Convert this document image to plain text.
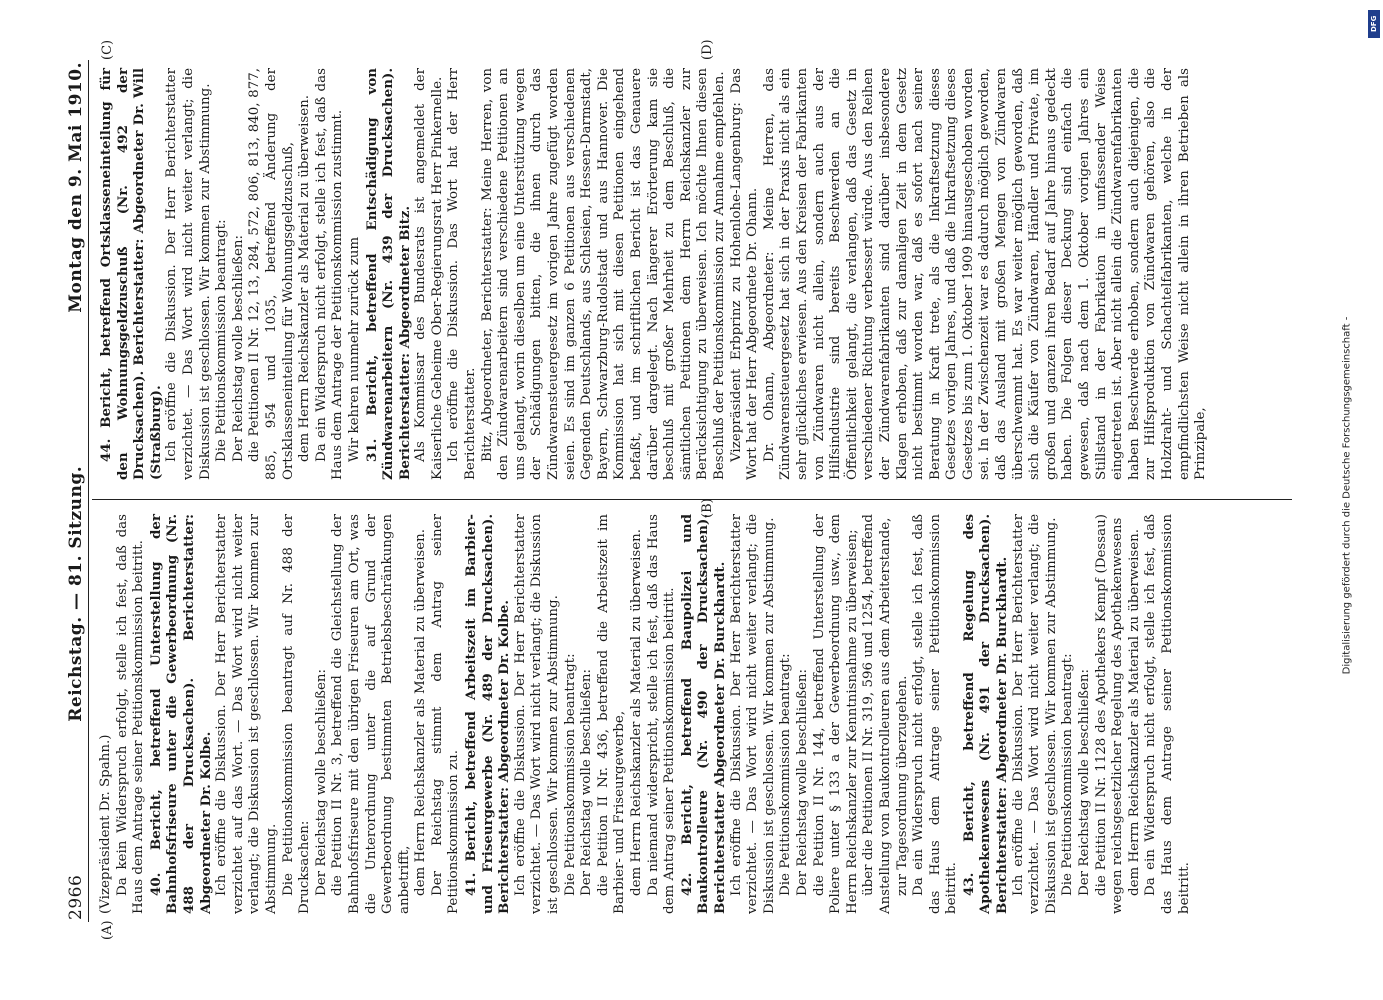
2966
Reichstag. — 81. Sitzung.
Montag den 9. Mai 1910.
(A)
(B)
(C)	(D)

(Vizepräsident Dr. Spahn.) Da kein Widerspruch erfolgt, stelle ich fest, daß das Haus dem Antrage seiner Petitionskommission beitritt. 40. Bericht, betreffend Unterstellung der Bahnhofsfriseure unter die Gewerbeordnung (Nr. 488 der Drucksachen). Berichterstatter: Abgeordneter Dr. Kolbe. Ich eröffne die Diskussion. Der Herr Berichterstatter verzichtet auf das Wort. — Das Wort wird nicht weiter verlangt; die Diskussion ist geschlossen. Wir kommen zur Abstimmung. Die Petitionskommission beantragt auf Nr. 488 der Drucksachen: Der Reichstag wolle beschließen: die Petition II Nr. 3, betreffend die Gleichstellung der Bahnhofsfriseure mit den übrigen Friseuren am Ort, was die Unterordnung unter die auf Grund der Gewerbeordnung bestimmten Betriebsbeschränkungen anbetrifft, dem Herrn Reichskanzler als Material zu überweisen. Der Reichstag stimmt dem Antrag seiner Petitionskommission zu. 41. Bericht, betreffend Arbeitszeit im Barbier- und Friseurgewerbe (Nr. 489 der Drucksachen). Berichterstatter: Abgeordneter Dr. Kolbe. Ich eröffne die Diskussion. Der Herr Berichterstatter verzichtet. — Das Wort wird nicht verlangt; die Diskussion ist geschlossen. Wir kommen zur Abstimmung. Die Petitionskommission beantragt: Der Reichstag wolle beschließen: die Petition II Nr. 436, betreffend die Arbeitszeit im Barbier- und Friseurgewerbe, dem Herrn Reichskanzler als Material zu überweisen. Da niemand widerspricht, stelle ich fest, daß das Haus dem Antrag seiner Petitionskommission beitritt. 42. Bericht, betreffend Baupolizei und Baukontrolleure (Nr. 490 der Drucksachen). Berichterstatter Abgeordneter Dr. Burckhardt. Ich eröffne die Diskussion. Der Herr Berichterstatter verzichtet. — Das Wort wird nicht weiter verlangt; die Diskussion ist geschlossen. Wir kommen zur Abstimmung. Die Petitionskommission beantragt: Der Reichstag wolle beschließen: die Petition II Nr. 144, betreffend Unterstellung der Poliere unter § 133 a der Gewerbeordnung usw., dem Herrn Reichskanzler zur Kenntnisnahme zu überweisen; über die Petitionen II Nr. 319, 596 und 1254, betreffend Anstellung von Baukontrolleuren aus dem Arbeiterstande, zur Tagesordnung überzugehen. Da ein Widerspruch nicht erfolgt, stelle ich fest, daß das Haus dem Antrage seiner Petitionskommission beitritt. 43. Bericht, betreffend Regelung des Apothekenwesens (Nr. 491 der Drucksachen). Berichterstatter: Abgeordneter Dr. Burckhardt. Ich eröffne die Diskussion. Der Herr Berichterstatter verzichtet. — Das Wort wird nicht weiter verlangt; die Diskussion ist geschlossen. Wir kommen zur Abstimmung. Die Petitionskommission beantragt: Der Reichstag wolle beschließen: die Petition II Nr. 1128 des Apothekers Kempf (Dessau) wegen reichsgesetzlicher Regelung des Apothekenwesens dem Herrn Reichskanzler als Material zu überweisen. Da ein Widerspruch nicht erfolgt, stelle ich fest, daß das Haus dem Antrage seiner Petitionskommission beitritt.

44. Bericht, betreffend Ortsklasseneinteilung für den Wohnungsgeldzuschuß (Nr. 492 der Drucksachen). Berichterstatter: Abgeordneter Dr. Will (Straßburg). Ich eröffne die Diskussion. Der Herr Berichterstatter verzichtet. — Das Wort wird nicht weiter verlangt; die Diskussion ist geschlossen. Wir kommen zur Abstimmung. Die Petitionskommission beantragt: Der Reichstag wolle beschließen: die Petitionen II Nr. 12, 13, 284, 572, 806, 813, 840, 877, 885, 954 und 1035, betreffend Änderung der Ortsklasseneinteilung für Wohnungsgeldzuschuß, dem Herrn Reichskanzler als Material zu überweisen. Da ein Widerspruch nicht erfolgt, stelle ich fest, daß das Haus dem Antrage der Petitionskommission zustimmt. Wir kehren nunmehr zurück zum 31. Bericht, betreffend Entschädigung von Zündwarenarbeitern (Nr. 439 der Drucksachen). Berichterstatter: Abgeordneter Bitz. Als Kommissar des Bundesrats ist angemeldet der Kaiserliche Geheime Ober-Regierungsrat Herr Pinkernelle. Ich eröffne die Diskussion. Das Wort hat der Herr Berichterstatter. Bitz, Abgeordneter, Berichterstatter: Meine Herren, von den Zündwarenarbeitern sind verschiedene Petitionen an uns gelangt, worin dieselben um eine Unterstützung wegen der Schädigungen bitten, die ihnen durch das Zündwarensteuergesetz im vorigen Jahre zugefügt worden seien. Es sind im ganzen 6 Petitionen aus verschiedenen Gegenden Deutschlands, aus Schlesien, Hessen-Darmstadt, Bayern, Schwarzburg-Rudolstadt und aus Hannover. Die Kommission hat sich mit diesen Petitionen eingehend befaßt, und im schriftlichen Bericht ist das Genauere darüber dargelegt. Nach längerer Erörterung kam sie beschluß mit großer Mehrheit zu dem Beschluß, die sämtlichen Petitionen dem Herrn Reichskanzler zur Berücksichtigung zu überweisen. Ich möchte Ihnen diesen Beschluß der Petitionskommission zur Annahme empfehlen. Vizepräsident Erbprinz zu Hohenlohe-Langenburg: Das Wort hat der Herr Abgeordnete Dr. Ohann. Dr. Ohann, Abgeordneter: Meine Herren, das Zündwarensteuergesetz hat sich in der Praxis nicht als ein sehr glückliches erwiesen. Aus den Kreisen der Fabrikanten von Zündwaren nicht allein, sondern auch aus der Hilfsindustrie sind bereits Beschwerden an die Öffentlichkeit gelangt, die verlangen, daß das Gesetz in verschiedener Richtung verbessert würde. Aus den Reihen der Zündwarenfabrikanten sind darüber insbesondere Klagen erhoben, daß zur damaligen Zeit in dem Gesetz nicht bestimmt worden war, daß es sofort nach seiner Beratung in Kraft trete, als die Inkraftsetzung dieses Gesetzes vorigen Jahres, und daß die Inkraftsetzung dieses Gesetzes bis zum 1. Oktober 1909 hinausgeschoben worden sei. In der Zwischenzeit war es dadurch möglich geworden, daß das Ausland mit großen Mengen von Zündwaren überschwemmt hat. Es war weiter möglich geworden, daß sich die Käufer von Zündwaren, Händler und Private, im großen und ganzen ihren Bedarf auf Jahre hinaus gedeckt haben. Die Folgen dieser Deckung sind einfach die gewesen, daß nach dem 1. Oktober vorigen Jahres ein Stillstand in der Fabrikation in umfassender Weise eingetreten ist. Aber nicht allein die Zündwarenfabrikanten haben Beschwerde erhoben, sondern auch diejenigen, die zur Hilfsproduktion von Zündwaren gehören, also die Holzdraht- und Schachtelfabrikanten, welche in der empfindlichsten Weise nicht allein in ihren Betrieben als Prinzipale,	Digitalisierung gefördert durch die Deutsche Forschungsgemeinschaft -
DFG
